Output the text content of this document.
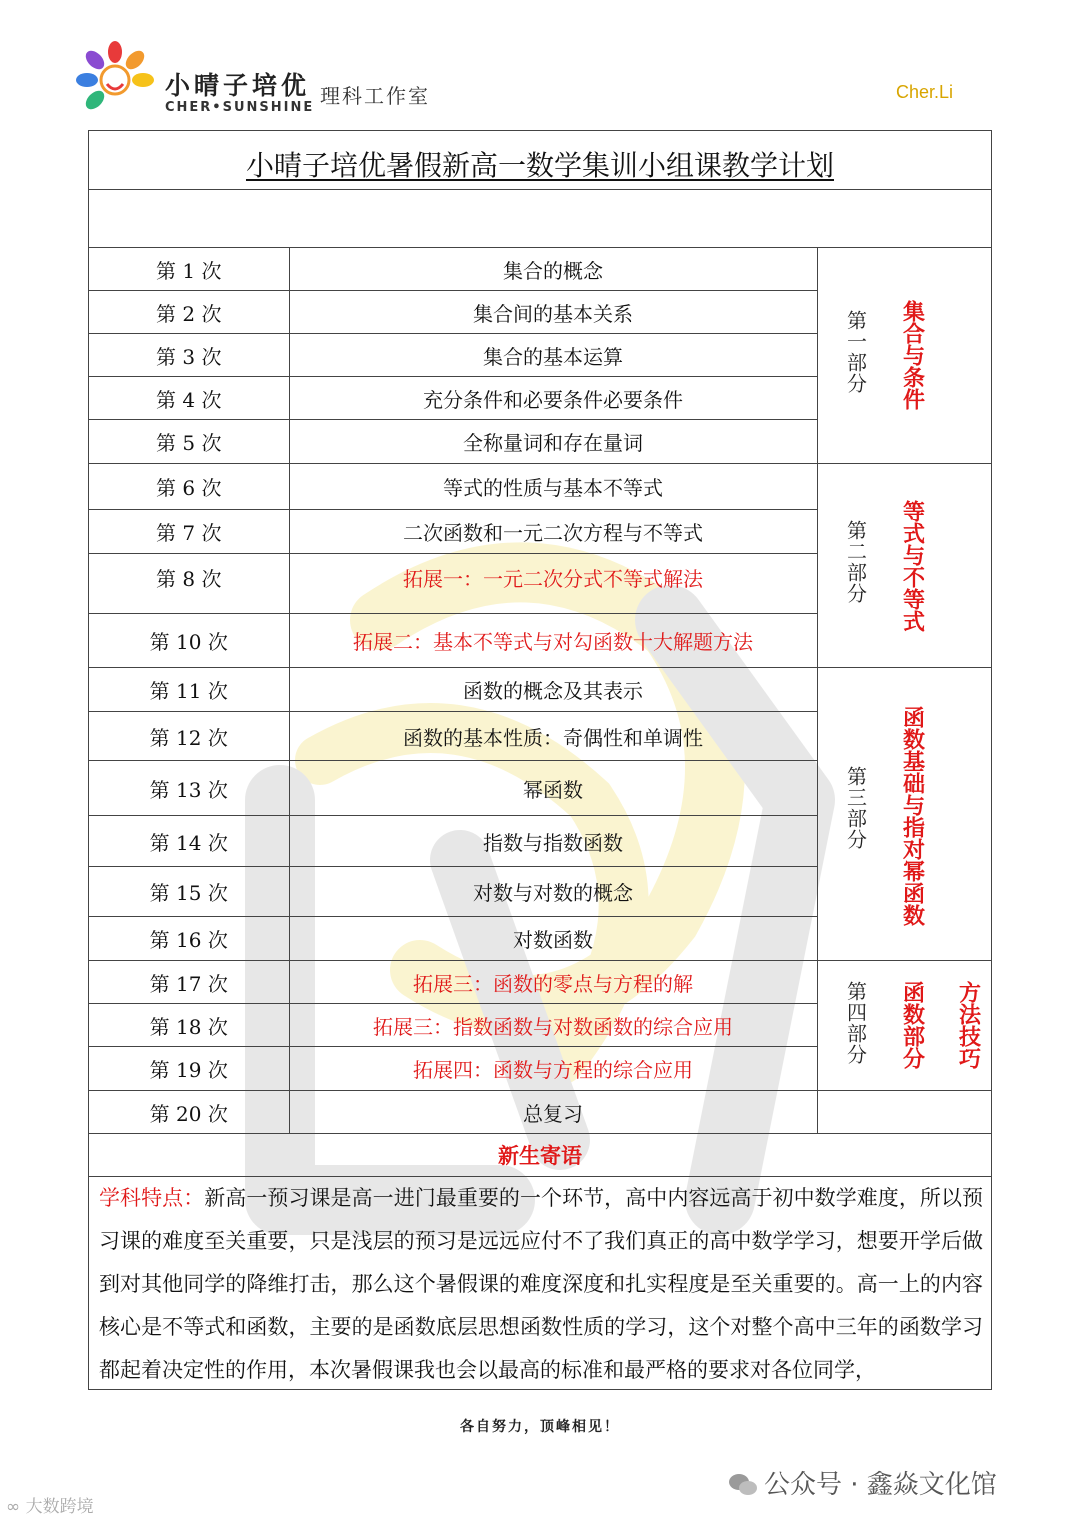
小晴子培优
CHER•SUNSHINE 理科工作室	Cher.Li
小晴子培优暑假新高一数学集训小组课教学计划
第 1 次	集合的概念	第一部分 集合与条件

第 2 次	集合间的基本关系	
第 3 次	集合的基本运算	
第 4 次	充分条件和必要条件必要条件	
第 5 次	全称量词和存在量词	
第 6 次	等式的性质与基本不等式	第二部分 等式与不等式

第 7 次	二次函数和一元二次方程与不等式	
第 8 次	拓展一：一元二次分式不等式解法	
第 10 次	拓展二：基本不等式与对勾函数十大解题方法	
第 11 次	函数的概念及其表示	第三部分 函数基础与指对幂函数

第 12 次	函数的基本性质：奇偶性和单调性	
第 13 次	幂函数	
第 14 次	指数与指数函数	
第 15 次	对数与对数的概念	
第 16 次	对数函数	
第 17 次	拓展三：函数的零点与方程的解	第四部分 函数部分 方法技巧

第 18 次	拓展三：指数函数与对数函数的综合应用	
第 19 次	拓展四：函数与方程的综合应用	
第 20 次	总复习	
新生寄语
学科特点：新高一预习课是高一进门最重要的一个环节，高中内容远高于初中数学难度，所以预习课的难度至关重要，只是浅层的预习是远远应付不了我们真正的高中数学学习，想要开学后做到对其他同学的降维打击，那么这个暑假课的难度深度和扎实程度是至关重要的。高一上的内容核心是不等式和函数，主要的是函数底层思想函数性质的学习，这个对整个高中三年的函数学习都起着决定性的作用，本次暑假课我也会以最高的标准和最严格的要求对各位同学，
各自努力，顶峰相见！
公众号 · 鑫焱文化馆
∞ 大数跨境
